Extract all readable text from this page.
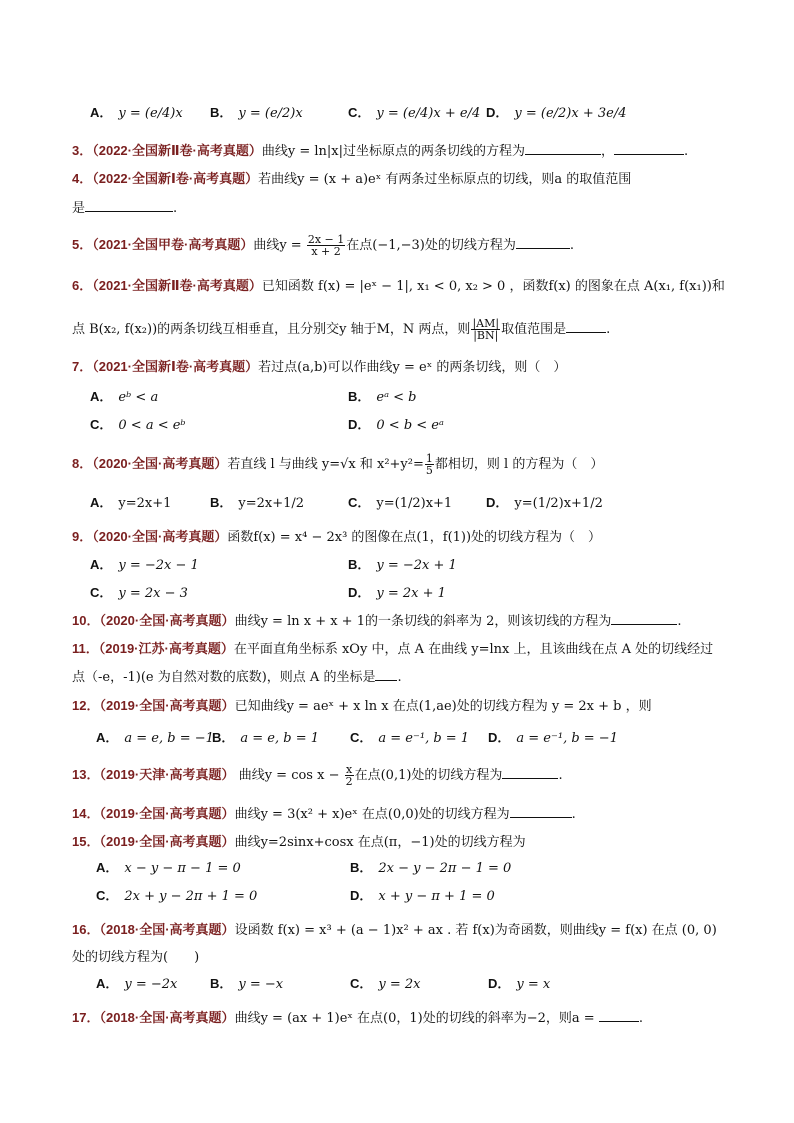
A． y = (e/4)x B． y = (e/2)x	C． y = (e/4)x + e/4 D． y = (e/2)x + 3e/4
3．（2022·全国新Ⅱ卷·高考真题）曲线y = ln|x|过坐标原点的两条切线的方程为	，	.
4．（2022·全国新Ⅰ卷·高考真题）若曲线y = (x + a)eˣ 有两条过坐标原点的切线，则a 的取值范围
是	.
5．（2021·全国甲卷·高考真题）曲线$y = \frac{2x - 1}{x + 2}$ 在点(−1,−3)处的切线方程为	.
6．（2021·全国新Ⅱ卷·高考真题）已知函数 f(x) = |eˣ − 1|, x₁ < 0, x₂ > 0 ，函数f(x) 的图象在点 A(x₁, f(x₁))和
点 B(x₂, f(x₂))的两条切线互相垂直，且分别交y 轴于M，N 两点，则 $\frac{|AM|}{|BN|}$ 取值范围是	.
7．（2021·全国新Ⅰ卷·高考真题）若过点(a,b)可以作曲线y = eˣ 的两条切线，则（　）
A． eᵇ < a	B． eᵃ < b
C． 0 < a < eᵇ	D． 0 < b < eᵃ
8．（2020·全国·高考真题）若直线 l 与曲线 y=√x 和 $x^2+y^2= \frac{1}{5}$ 都相切，则 l 的方程为（　）
A． y=2x+1	B． y=2x+1/2	C． y=(1/2)x+1	D． y=(1/2)x+1/2
9．（2020·全国·高考真题）函数f(x) = x⁴ − 2x³ 的图像在点(1，f(1))处的切线方程为（　）
A． y = −2x − 1	B． y = −2x + 1
C． y = 2x − 3	D． y = 2x + 1
10．（2020·全国·高考真题）曲线y = ln x + x + 1的一条切线的斜率为 2，则该切线的方程为	.
11．（2019·江苏·高考真题）在平面直角坐标系 xOy 中，点 A 在曲线 y=lnx 上，且该曲线在点 A 处的切线经过
点（-e，-1)(e 为自然对数的底数)，则点 A 的坐标是 .
12．（2019·全国·高考真题）已知曲线y = aeˣ + x ln x 在点(1,ae)处的切线方程为 y = 2x + b ，则
A． a = e, b = −1
B． a = e, b = 1 C． a = e⁻¹, b = 1 D． a = e⁻¹, b = −1
13．（2019·天津·高考真题） 曲线$y = \cos x - \frac{x}{2}$ 在点(0,1)处的切线方程为	.
14．（2019·全国·高考真题）曲线y = 3(x² + x)eˣ 在点(0,0)处的切线方程为	.
15．（2019·全国·高考真题）曲线y=2sinx+cosx 在点(π，−1)处的切线方程为
A． x − y − π − 1 = 0	B． 2x − y − 2π − 1 = 0
C． 2x + y − 2π + 1 = 0	D． x + y − π + 1 = 0
16．（2018·全国·高考真题）设函数 f(x) = x³ + (a − 1)x² + ax . 若 f(x)为奇函数，则曲线y = f(x) 在点 (0, 0)
处的切线方程为(　　)
A． y = −2x	B． y = −x	C． y = 2x	D． y = x
17．（2018·全国·高考真题）曲线y = (ax + 1)eˣ 在点(0，1)处的切线的斜率为−2，则a =	.
